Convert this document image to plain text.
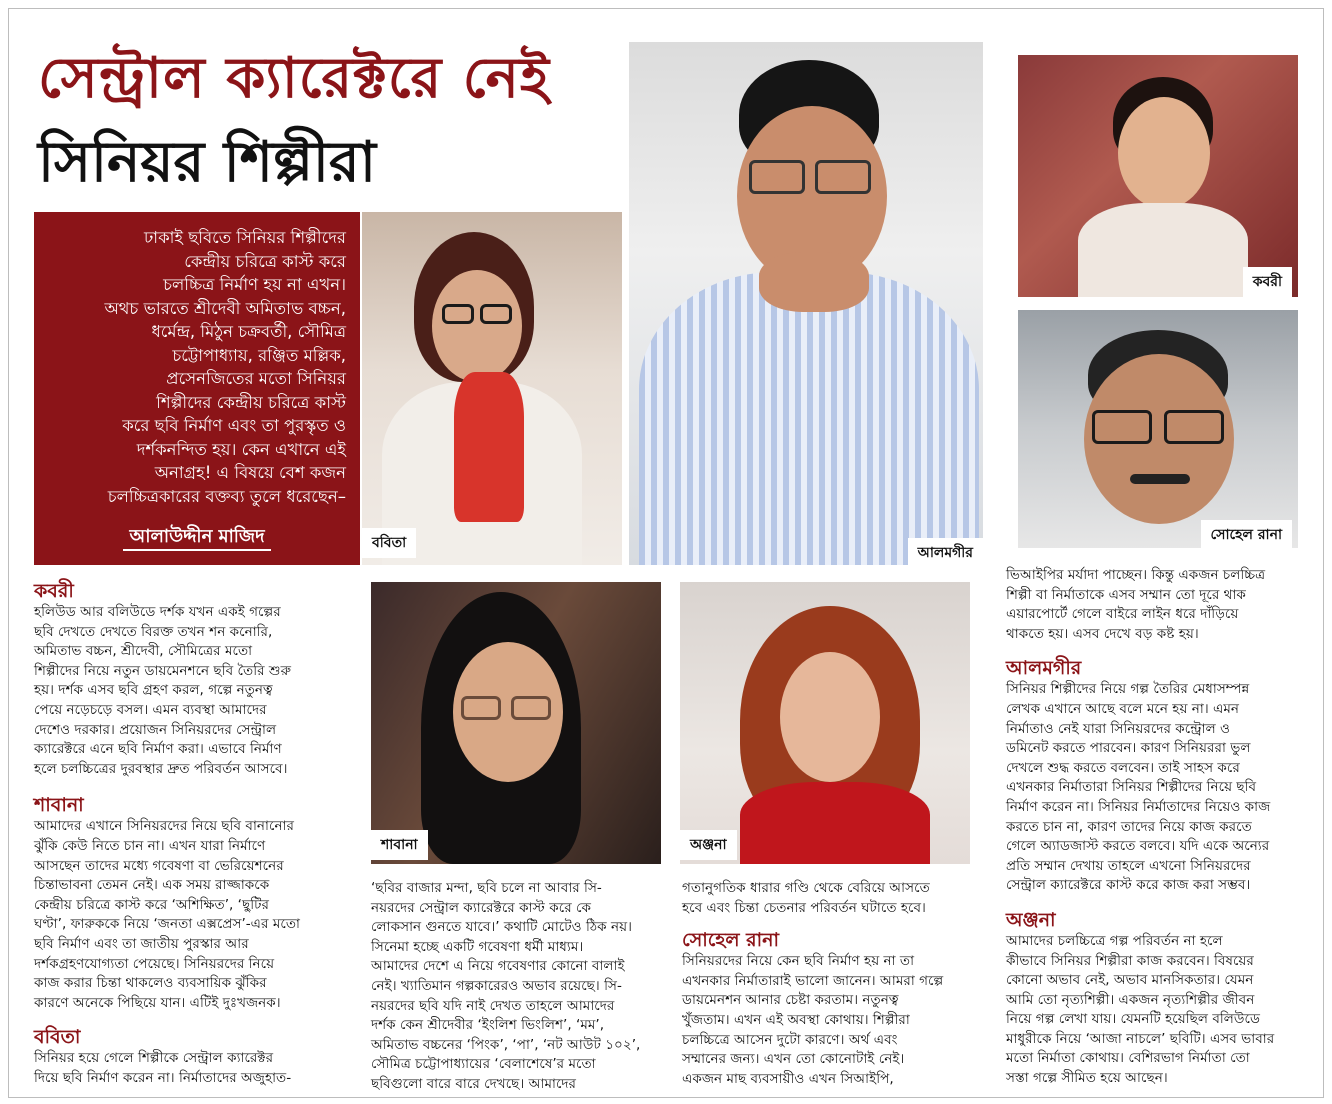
সেন্ট্রাল ক্যারেক্টরে নেই
সিনিয়র শিল্পীরা
ঢাকাই ছবিতে সিনিয়র শিল্পীদের
কেন্দ্রীয় চরিত্রে কাস্ট করে
চলচ্চিত্র নির্মাণ হয় না এখন।
অথচ ভারতে শ্রীদেবী অমিতাভ বচ্চন,
ধর্মেন্দ্র, মিঠুন চক্রবর্তী, সৌমিত্র
চট্টোপাধ্যায়, রঞ্জিত মল্লিক,
প্রসেনজিতের মতো সিনিয়র
শিল্পীদের কেন্দ্রীয় চরিত্রে কাস্ট
করে ছবি নির্মাণ এবং তা পুরস্কৃত ও
দর্শকনন্দিত হয়। কেন এখানে এই
অনাগ্রহ! এ বিষয়ে বেশ কজন
চলচ্চিত্রকারের বক্তব্য তুলে ধরেছেন–
আলাউদ্দীন মাজিদ	ববিতা
আলমগীর
কবরী
সোহেল রানা
শাবানা	অঞ্জনা
কবরী
হলিউড আর বলিউডে দর্শক যখন একই গল্পের
ছবি দেখতে দেখতে বিরক্ত তখন শন কনোরি,
অমিতাভ বচ্চন, শ্রীদেবী, সৌমিত্রের মতো
শিল্পীদের নিয়ে নতুন ডায়মেনশনে ছবি তৈরি শুরু
হয়। দর্শক এসব ছবি গ্রহণ করল, গল্পে নতুনত্ব
পেয়ে নড়েচড়ে বসল। এমন ব্যবস্থা আমাদের
দেশেও দরকার। প্রয়োজন সিনিয়রদের সেন্ট্রাল
ক্যারেক্টরে এনে ছবি নির্মাণ করা। এভাবে নির্মাণ
হলে চলচ্চিত্রের দুরবস্থার দ্রুত পরিবর্তন আসবে।
শাবানা
আমাদের এখানে সিনিয়রদের নিয়ে ছবি বানানোর
ঝুঁকি কেউ নিতে চান না। এখন যারা নির্মাণে
আসছেন তাদের মধ্যে গবেষণা বা ভেরিয়েশনের
চিন্তাভাবনা তেমন নেই। এক সময় রাজ্জাককে
কেন্দ্রীয় চরিত্রে কাস্ট করে ‘অশিক্ষিত’, ‘ছুটির
ঘণ্টা’, ফারুককে নিয়ে ‘জনতা এক্সপ্রেস’-এর মতো
ছবি নির্মাণ এবং তা জাতীয় পুরস্কার আর
দর্শকগ্রহণযোগ্যতা পেয়েছে। সিনিয়রদের নিয়ে
কাজ করার চিন্তা থাকলেও ব্যবসায়িক ঝুঁকির
কারণে অনেকে পিছিয়ে যান। এটিই দুঃখজনক।
ববিতা
সিনিয়র হয়ে গেলে শিল্পীকে সেন্ট্রাল ক্যারেক্টর
দিয়ে ছবি নির্মাণ করেন না। নির্মাতাদের অজুহাত-
‘ছবির বাজার মন্দা, ছবি চলে না আবার সি-
নয়রদের সেন্ট্রাল ক্যারেক্টরে কাস্ট করে কে
লোকসান গুনতে যাবে।’ কথাটি মোটেও ঠিক নয়।
সিনেমা হচ্ছে একটি গবেষণা ধর্মী মাধ্যম।
আমাদের দেশে এ নিয়ে গবেষণার কোনো বালাই
নেই। খ্যাতিমান গল্পকারেরও অভাব রয়েছে। সি-
নয়রদের ছবি যদি নাই দেখত তাহলে আমাদের
দর্শক কেন শ্রীদেবীর ‘ইংলিশ ভিংলিশ’, ‘মম’,
অমিতাভ বচ্চনের ‘পিংক’, ‘পা’, ‘নট আউট ১০২’,
সৌমিত্র চট্টোপাধ্যায়ের ‘বেলাশেষে’র মতো
ছবিগুলো বারে বারে দেখছে। আমাদের
গতানুগতিক ধারার গণ্ডি থেকে বেরিয়ে আসতে
হবে এবং চিন্তা চেতনার পরিবর্তন ঘটাতে হবে।
সোহেল রানা
সিনিয়রদের নিয়ে কেন ছবি নির্মাণ হয় না তা
এখনকার নির্মাতারাই ভালো জানেন। আমরা গল্পে
ডায়মেনশন আনার চেষ্টা করতাম। নতুনত্ব
খুঁজতাম। এখন এই অবস্থা কোথায়। শিল্পীরা
চলচ্চিত্রে আসেন দুটো কারণে। অর্থ এবং
সম্মানের জন্য। এখন তো কোনোটাই নেই।
একজন মাছ ব্যবসায়ীও এখন সিআইপি,
ভিআইপির মর্যাদা পাচ্ছেন। কিন্তু একজন চলচ্চিত্র
শিল্পী বা নির্মাতাকে এসব সম্মান তো দূরে থাক
এয়ারপোর্টে গেলে বাইরে লাইন ধরে দাঁড়িয়ে
থাকতে হয়। এসব দেখে বড় কষ্ট হয়।
আলমগীর
সিনিয়র শিল্পীদের নিয়ে গল্প তৈরির মেধাসম্পন্ন
লেখক এখানে আছে বলে মনে হয় না। এমন
নির্মাতাও নেই যারা সিনিয়রদের কন্ট্রোল ও
ডমিনেট করতে পারবেন। কারণ সিনিয়ররা ভুল
দেখলে শুদ্ধ করতে বলবেন। তাই সাহস করে
এখনকার নির্মাতারা সিনিয়র শিল্পীদের নিয়ে ছবি
নির্মাণ করেন না। সিনিয়র নির্মাতাদের নিয়েও কাজ
করতে চান না, কারণ তাদের নিয়ে কাজ করতে
গেলে অ্যাডজাস্ট করতে বলবে। যদি একে অন্যের
প্রতি সম্মান দেখায় তাহলে এখনো সিনিয়রদের
সেন্ট্রাল ক্যারেক্টরে কাস্ট করে কাজ করা সম্ভব।
অঞ্জনা
আমাদের চলচ্চিত্রে গল্প পরিবর্তন না হলে
কীভাবে সিনিয়র শিল্পীরা কাজ করবেন। বিষয়ের
কোনো অভাব নেই, অভাব মানসিকতার। যেমন
আমি তো নৃত্যশিল্পী। একজন নৃত্যশিল্পীর জীবন
নিয়ে গল্প লেখা যায়। যেমনটি হয়েছিল বলিউডে
মাধুরীকে নিয়ে ‘আজা নাচলে’ ছবিটি। এসব ভাবার
মতো নির্মাতা কোথায়। বেশিরভাগ নির্মাতা তো
সস্তা গল্পে সীমিত হয়ে আছেন।
